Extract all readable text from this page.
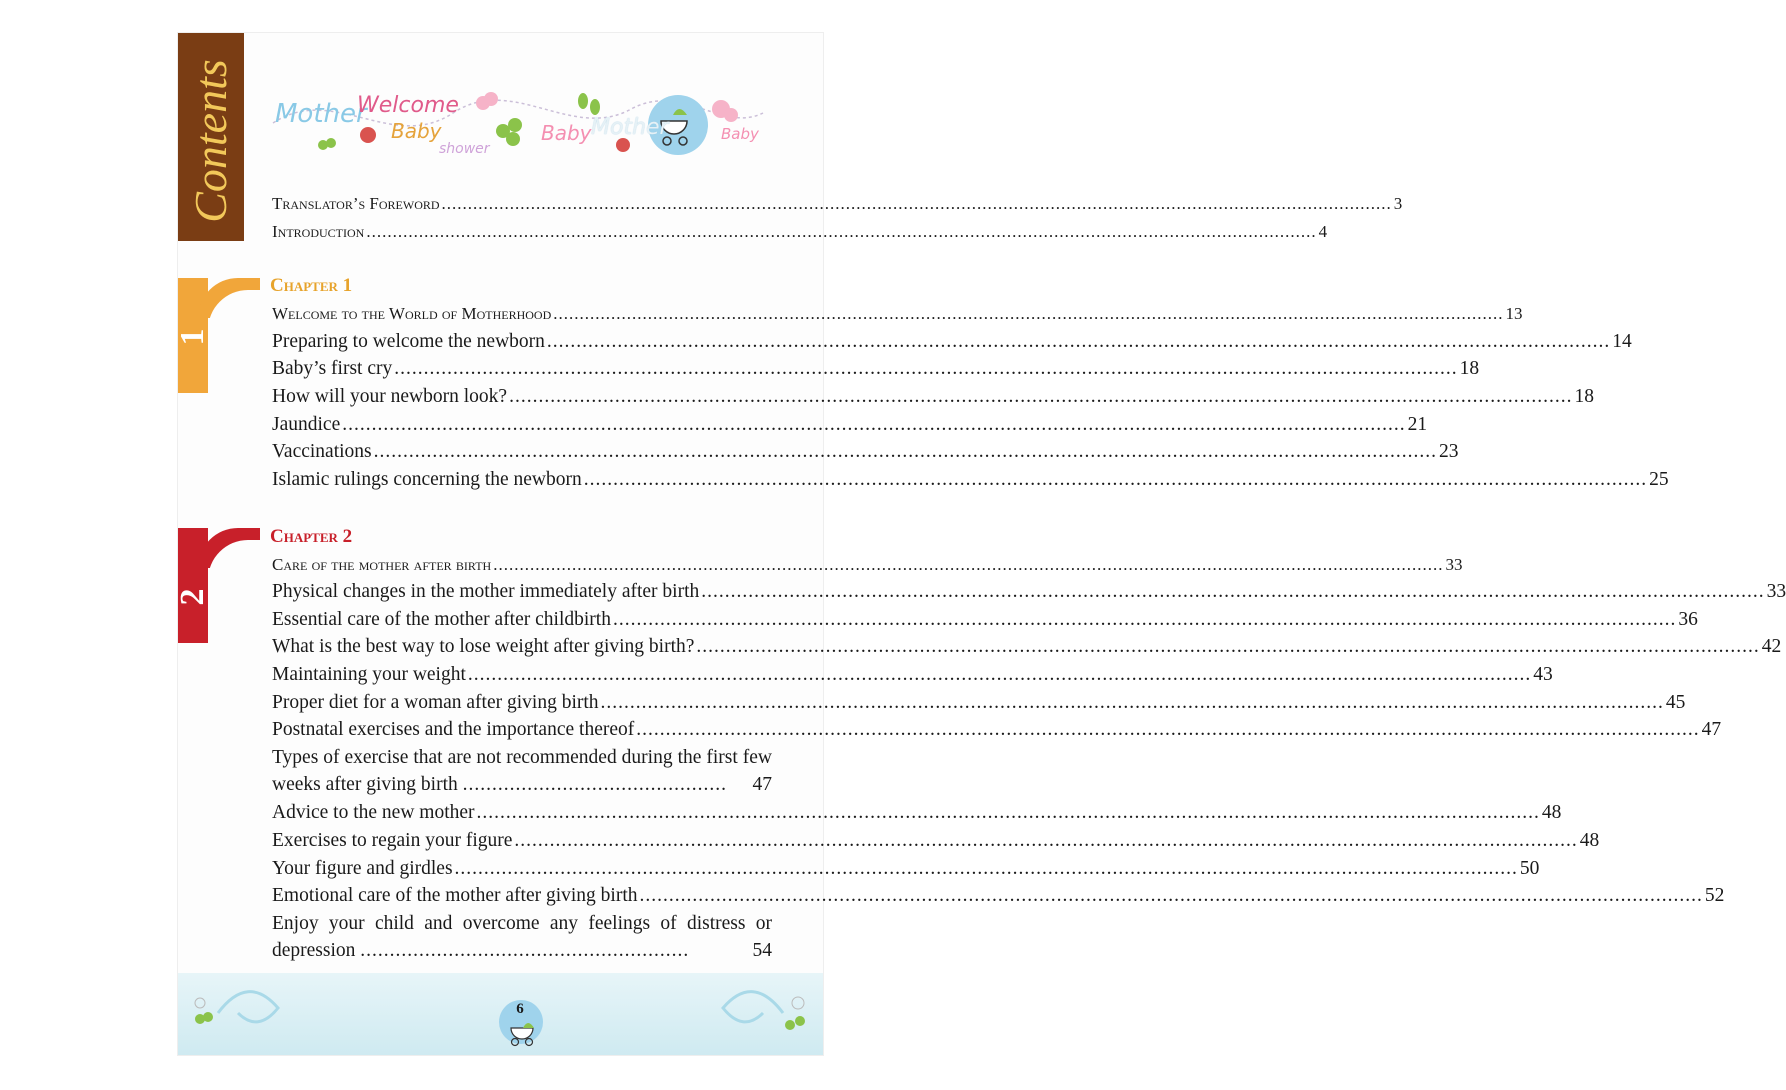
Contents Mother
Welcome
Baby
shower
Baby Mother	Baby
Translator’s Foreword .....	3
Introduction .....	4
1
Chapter 1
Welcome to the World of Motherhood .....	13
Preparing to welcome the newborn .....	14
Baby’s first cry .....	18
How will your newborn look? .....	18
Jaundice .....	21
Vaccinations .....	23
Islamic rulings concerning the newborn .....	25
2
Chapter 2
Care of the mother after birth .....	33
Physical changes in the mother immediately after birth .....	33
Essential care of the mother after childbirth .....	36
What is the best way to lose weight after giving birth? .....	42
Maintaining your weight .....	43
Proper diet for a woman after giving birth .....	45
Postnatal exercises and the importance thereof .....	47
Types of exercise that are not recommended during the first few weeks after giving birth ............................................. 47
Advice to the new mother .....	48
Exercises to regain your figure .....	48
Your figure and girdles .....	50
Emotional care of the mother after giving birth .....	52
Enjoy your child and overcome any feelings of distress or depression ........................................................	54
6
